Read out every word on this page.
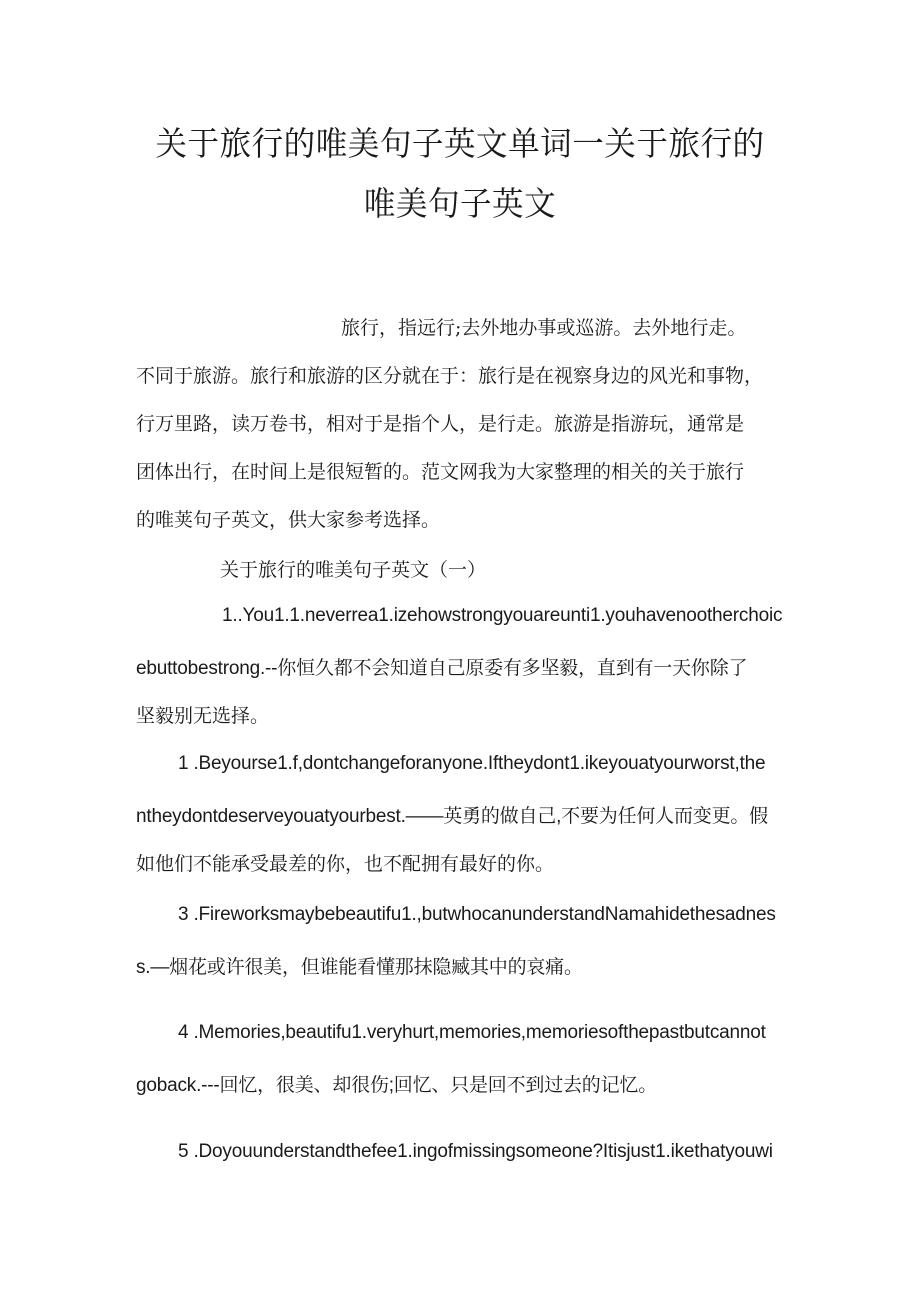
关于旅行的唯美句子英文单词一关于旅行的
唯美句子英文
旅行，指远行;去外地办事或巡游。去外地行走。
不同于旅游。旅行和旅游的区分就在于：旅行是在视察身边的风光和事物，
行万里路，读万卷书，相对于是指个人，是行走。旅游是指游玩，通常是
团体出行，在时间上是很短暂的。范文网我为大家整理的相关的关于旅行
的唯荚句子英文，供大家参考选择。
关于旅行的唯美句子英文（一）
1..You1.1.neverrea1.izehowstrongyouareunti1.youhavenootherchoic
ebuttobestrong.--你恒久都不会知道自己原委有多坚毅，直到有一天你除了
坚毅别无选择。
1 .Beyourse1.f,dontchangeforanyone.Iftheydont1.ikeyouatyourworst,the
ntheydontdeserveyouatyourbest.——英勇的做自己,不要为任何人而变更。假
如他们不能承受最差的你，也不配拥有最好的你。
3 .Fireworksmaybebeautifu1.,butwhocanunderstandNamahidethesadnes
s.—烟花或许很美，但谁能看懂那抹隐臧其中的哀痛。
4 .Memories,beautifu1.veryhurt,memories,memoriesofthepastbutcannot
goback.---回忆，很美、却很伤;回忆、只是回不到过去的记忆。
5 .Doyouunderstandthefee1.ingofmissingsomeone?Itisjust1.ikethatyouwi
